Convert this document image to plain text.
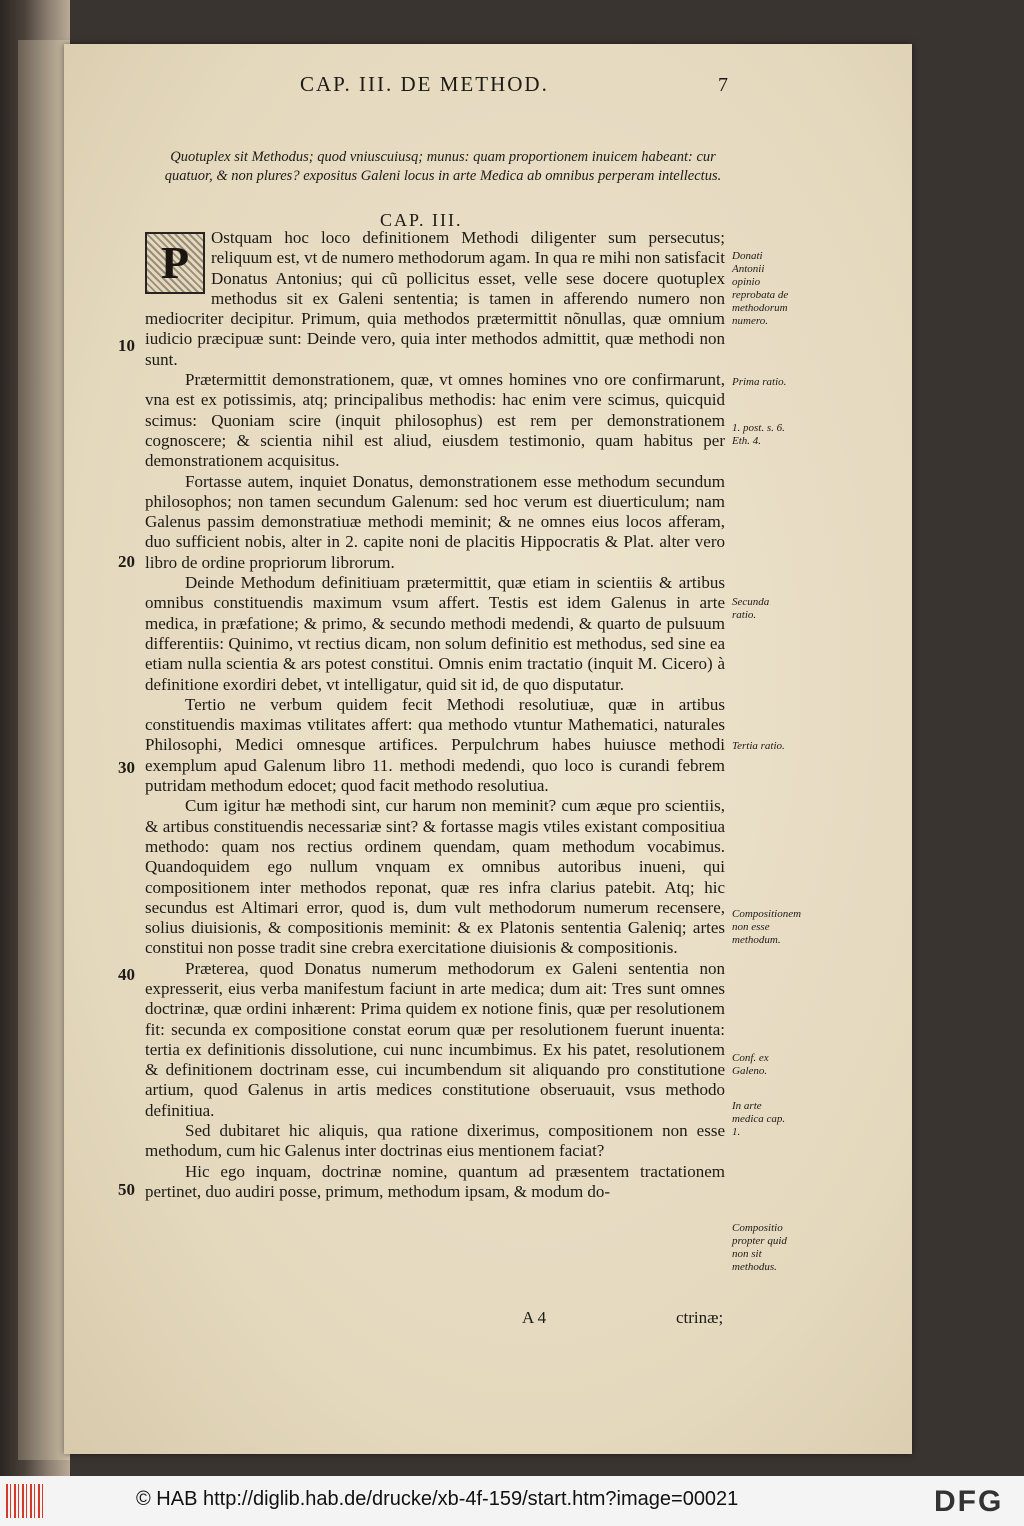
CAP. III. DE METHOD.	7
Quotuplex sit Methodus; quod vniuscuiusq; munus: quam proportionem inuicem habeant: cur quatuor, & non plures? expositus Galeni locus in arte Medica ab omnibus perperam intellectus.
CAP. III.

P	Ostquam hoc loco definitionem Methodi diligenter sum persecutus; reliquum est, vt de numero methodorum agam. In qua re mihi non satisfacit Donatus Antonius; qui cũ pollicitus esset, velle sese docere quotuplex methodus sit ex Galeni sententia; is tamen in afferendo numero non mediocriter decipitur. Primum, quia methodos prætermittit nõnullas, quæ omnium iudicio præcipuæ sunt: Deinde vero, quia inter methodos admittit, quæ methodi non sunt.

Prætermittit demonstrationem, quæ, vt omnes homines vno ore confirmarunt, vna est ex potissimis, atq; principalibus methodis: hac enim vere scimus, quicquid scimus: Quoniam scire (inquit philosophus) est rem per demonstrationem cognoscere; & scientia nihil est aliud, eiusdem testimonio, quam habitus per demonstrationem acquisitus.

Fortasse autem, inquiet Donatus, demonstrationem esse methodum secundum philosophos; non tamen secundum Galenum: sed hoc verum est diuerticulum; nam Galenus passim demonstratiuæ methodi meminit; & ne omnes eius locos afferam, duo sufficient nobis, alter in 2. capite noni de placitis Hippocratis & Plat. alter vero libro de ordine propriorum librorum.

Deinde Methodum definitiuam prætermittit, quæ etiam in scientiis & artibus omnibus constituendis maximum vsum affert. Testis est idem Galenus in arte medica, in præfatione; & primo, & secundo methodi medendi, & quarto de pulsuum differentiis: Quinimo, vt rectius dicam, non solum definitio est methodus, sed sine ea etiam nulla scientia & ars potest constitui. Omnis enim tractatio (inquit M. Cicero) à definitione exordiri debet, vt intelligatur, quid sit id, de quo disputatur.

Tertio ne verbum quidem fecit Methodi resolutiuæ, quæ in artibus constituendis maximas vtilitates affert: qua methodo vtuntur Mathematici, naturales Philosophi, Medici omnesque artifices. Perpulchrum habes huiusce methodi exemplum apud Galenum libro 11. methodi medendi, quo loco is curandi febrem putridam methodum edocet; quod facit methodo resolutiua.

Cum igitur hæ methodi sint, cur harum non meminit? cum æque pro scientiis, & artibus constituendis necessariæ sint? & fortasse magis vtiles existant compositiua methodo: quam nos rectius ordinem quendam, quam methodum vocabimus. Quandoquidem ego nullum vnquam ex omnibus autoribus inueni, qui compositionem inter methodos reponat, quæ res infra clarius patebit. Atq; hic secundus est Altimari error, quod is, dum vult methodorum numerum recensere, solius diuisionis, & compositionis meminit: & ex Platonis sententia Galeniq; artes constitui non posse tradit sine crebra exercitatione diuisionis & compositionis.

Præterea, quod Donatus numerum methodorum ex Galeni sententia non expresserit, eius verba manifestum faciunt in arte medica; dum ait: Tres sunt omnes doctrinæ, quæ ordini inhærent: Prima quidem ex notione finis, quæ per resolutionem fit: secunda ex compositione constat eorum quæ per resolutionem fuerunt inuenta: tertia ex definitionis dissolutione, cui nunc incumbimus. Ex his patet, resolutionem & definitionem doctrinam esse, cui incumbendum sit aliquando pro constitutione artium, quod Galenus in artis medices constitutione obseruauit, vsus methodo definitiua.

Sed dubitaret hic aliquis, qua ratione dixerimus, compositionem non esse methodum, cum hic Galenus inter doctrinas eius mentionem faciat?

Hic ego inquam, doctrinæ nomine, quantum ad præsentem tractationem pertinet, duo audiri posse, primum, methodum ipsam, & modum do-

Donati Antonii opinio reprobata de methodorum numero.
Prima ratio.
1. post. s. 6. Eth. 4.
Secunda ratio.
Tertia ratio.
Compositionem non esse methodum.
Conf. ex Galeno.
In arte medica cap. 1.
Compositio propter quid non sit methodus.
10
20
30
40
50
A 4	ctrinæ;
© HAB http://diglib.hab.de/drucke/xb-4f-159/start.htm?image=00021	DFG
